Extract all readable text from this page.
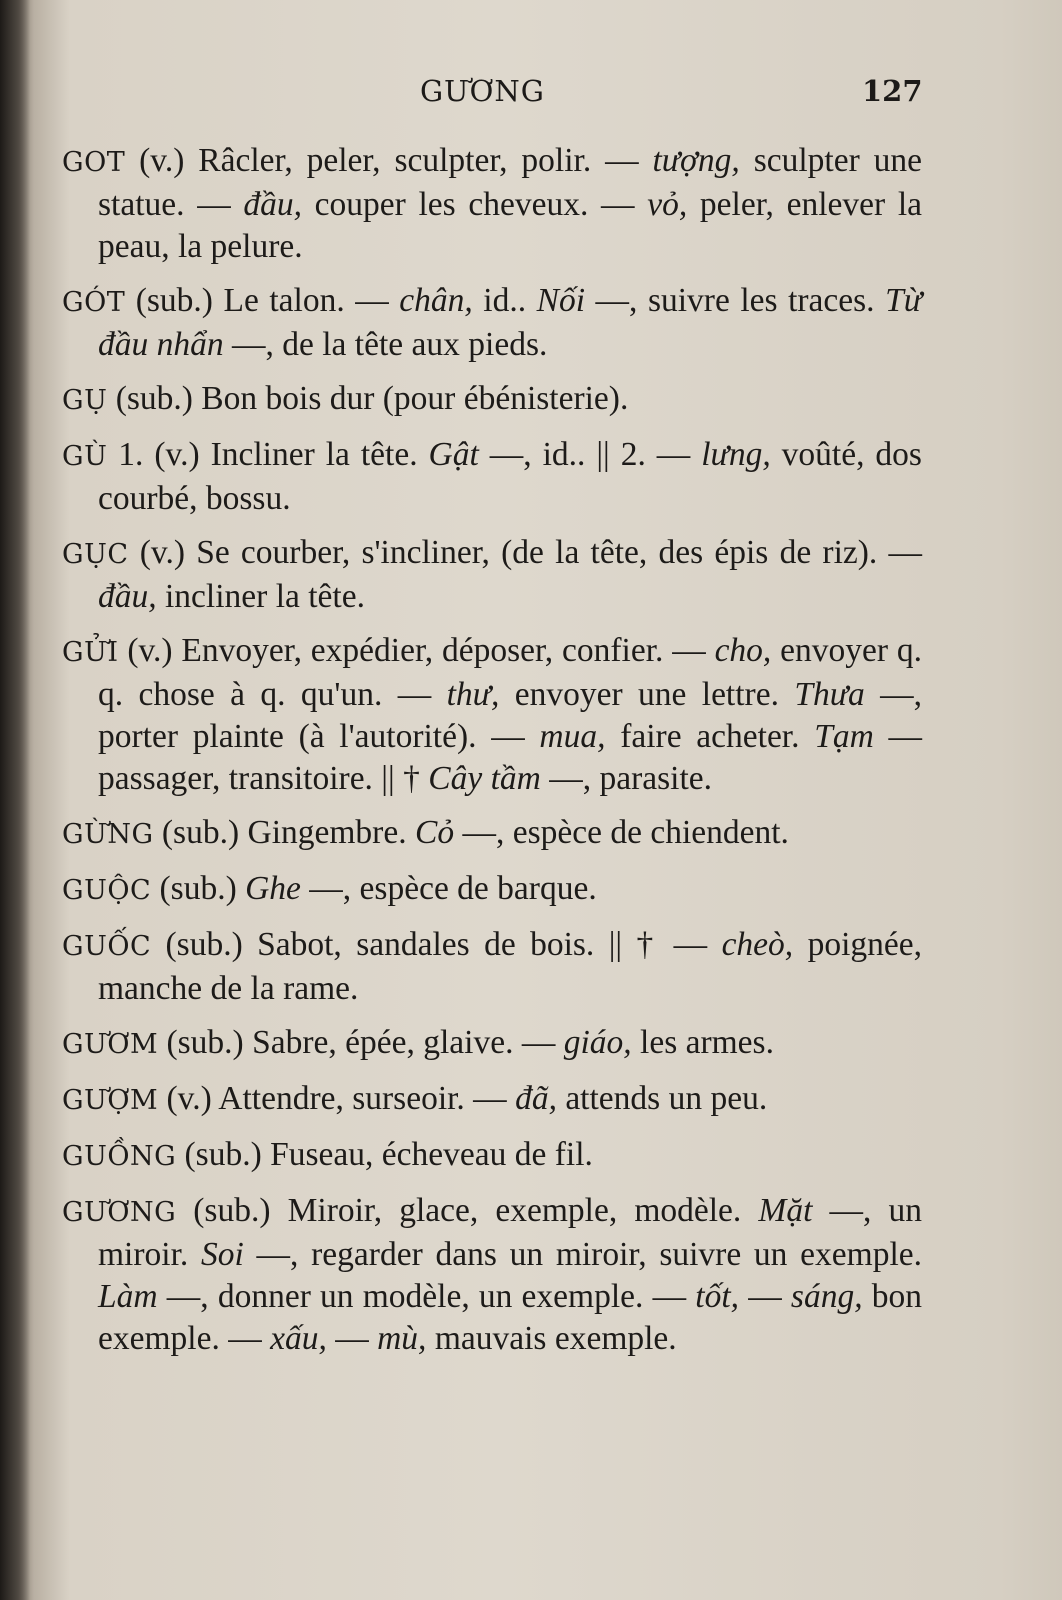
GƯƠNG	127

GOT (v.) Râcler, peler, sculpter, polir. — tượng, sculpter une statue. — đầu, couper les cheveux. — vỏ, peler, enlever la peau, la pelure.

GÓT (sub.) Le talon. — chân, id.. Nối —, suivre les traces. Từ đầu nhẩn —, de la tête aux pieds.

GỤ (sub.) Bon bois dur (pour ébénisterie).

GÙ 1. (v.) Incliner la tête. Gật —, id.. || 2. — lưng, voûté, dos courbé, bossu.

GỤC (v.) Se courber, s'incliner, (de la tête, des épis de riz). — đầu, incliner la tête.

GỬI (v.) Envoyer, expédier, déposer, confier. — cho, envoyer q. q. chose à q. qu'un. — thư, envoyer une lettre. Thưa —, porter plainte (à l'autorité). — mua, faire acheter. Tạm — passager, transitoire. || † Cây tầm —, parasite.

GỪNG (sub.) Gingembre. Cỏ —, espèce de chiendent.

GUỘC (sub.) Ghe —, espèce de barque.

GUỐC (sub.) Sabot, sandales de bois. || † — cheò, poignée, manche de la rame.

GƯƠM (sub.) Sabre, épée, glaive. — giáo, les armes.

GƯỢM (v.) Attendre, surseoir. — đã, attends un peu.

GUỒNG (sub.) Fuseau, écheveau de fil.

GƯƠNG (sub.) Miroir, glace, exemple, modèle. Mặt —, un miroir. Soi —, regarder dans un miroir, suivre un exemple. Làm —, donner un modèle, un exemple. — tốt, — sáng, bon exemple. — xấu, — mù, mauvais exemple.
